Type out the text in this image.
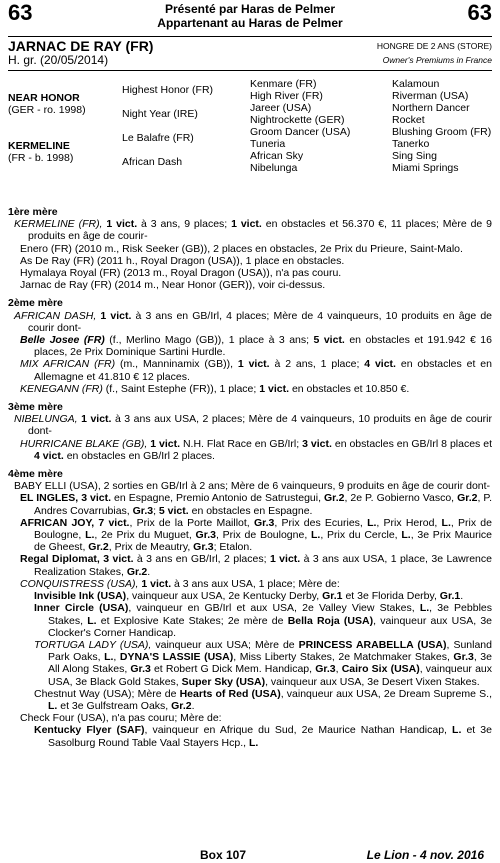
63	63
Présenté par Haras de Pelmer
Appartenant au Haras de Pelmer
JARNAC DE RAY (FR)
H. gr. (20/05/2014)
HONGRE DE 2 ANS (STORE)
Owner's Premiums in France
NEAR HONOR
(GER - ro. 1998)
KERMELINE
(FR - b. 1998)
Highest Honor (FR)
Night Year (IRE)
Le Balafre (FR)
African Dash
Kenmare (FR)
High River (FR)
Jareer (USA)
Nightrockette (GER)
Groom Dancer (USA)
Tuneria
African Sky
Nibelunga
Kalamoun
Riverman (USA)
Northern Dancer
Rocket
Blushing Groom (FR)
Tanerko
Sing Sing
Miami Springs
1ère mère

KERMELINE (FR), 1 vict. à 3 ans, 9 places; 1 vict. en obstacles et 56.370 €, 11 places; Mère de 9 produits en âge de courir-

Enero (FR) (2010 m., Risk Seeker (GB)), 2 places en obstacles, 2e Prix du Prieure, Saint-Malo.

As De Ray (FR) (2011 h., Royal Dragon (USA)), 1 place en obstacles.

Hymalaya Royal (FR) (2013 m., Royal Dragon (USA)), n'a pas couru.

Jarnac de Ray (FR) (2014 m., Near Honor (GER)), voir ci-dessus.

2ème mère

AFRICAN DASH, 1 vict. à 3 ans en GB/Irl, 4 places; Mère de 4 vainqueurs, 10 produits en âge de courir dont-

Belle Josee (FR) (f., Merlino Mago (GB)), 1 place à 3 ans; 5 vict. en obstacles et 191.942 € 16 places, 2e Prix Dominique Sartini Hurdle.

MIX AFRICAN (FR) (m., Manninamix (GB)), 1 vict. à 2 ans, 1 place; 4 vict. en obstacles et en Allemagne et 41.810 € 12 places.

KENEGANN (FR) (f., Saint Estephe (FR)), 1 place; 1 vict. en obstacles et 10.850 €.

3ème mère

NIBELUNGA, 1 vict. à 3 ans aux USA, 2 places; Mère de 4 vainqueurs, 10 produits en âge de courir dont-

HURRICANE BLAKE (GB), 1 vict. N.H. Flat Race en GB/Irl; 3 vict. en obstacles en GB/Irl 8 places et 4 vict. en obstacles en GB/Irl 2 places.

4ème mère

BABY ELLI (USA), 2 sorties en GB/Irl à 2 ans; Mère de 6 vainqueurs, 9 produits en âge de courir dont-

EL INGLES, 3 vict. en Espagne, Premio Antonio de Satrustegui, Gr.2, 2e P. Gobierno Vasco, Gr.2, P. Andres Covarrubias, Gr.3; 5 vict. en obstacles en Espagne.

AFRICAN JOY, 7 vict., Prix de la Porte Maillot, Gr.3, Prix des Ecuries, L., Prix Herod, L., Prix de Boulogne, L., 2e Prix du Muguet, Gr.3, Prix de Boulogne, L., Prix du Cercle, L., 3e Prix Maurice de Gheest, Gr.2, Prix de Meautry, Gr.3; Etalon.

Regal Diplomat, 3 vict. à 3 ans en GB/Irl, 2 places; 1 vict. à 3 ans aux USA, 1 place, 3e Lawrence Realization Stakes, Gr.2.

CONQUISTRESS (USA), 1 vict. à 3 ans aux USA, 1 place; Mère de:

Invisible Ink (USA), vainqueur aux USA, 2e Kentucky Derby, Gr.1 et 3e Florida Derby, Gr.1.

Inner Circle (USA), vainqueur en GB/Irl et aux USA, 2e Valley View Stakes, L., 3e Pebbles Stakes, L. et Explosive Kate Stakes; 2e mère de Bella Roja (USA), vainqueur aux USA, 3e Clocker's Corner Handicap.

TORTUGA LADY (USA), vainqueur aux USA; Mère de PRINCESS ARABELLA (USA), Sunland Park Oaks, L., DYNA'S LASSIE (USA), Miss Liberty Stakes, 2e Matchmaker Stakes, Gr.3, 3e All Along Stakes, Gr.3 et Robert G Dick Mem. Handicap, Gr.3, Cairo Six (USA), vainqueur aux USA, 3e Black Gold Stakes, Super Sky (USA), vainqueur aux USA, 3e Desert Vixen Stakes.

Chestnut Way (USA); Mère de Hearts of Red (USA), vainqueur aux USA, 2e Dream Supreme S., L. et 3e Gulfstream Oaks, Gr.2.

Check Four (USA), n'a pas couru; Mère de:

Kentucky Flyer (SAF), vainqueur en Afrique du Sud, 2e Maurice Nathan Handicap, L. et 3e Sasolburg Round Table Vaal Stayers Hcp., L.

Box 107	Le Lion - 4 nov. 2016
